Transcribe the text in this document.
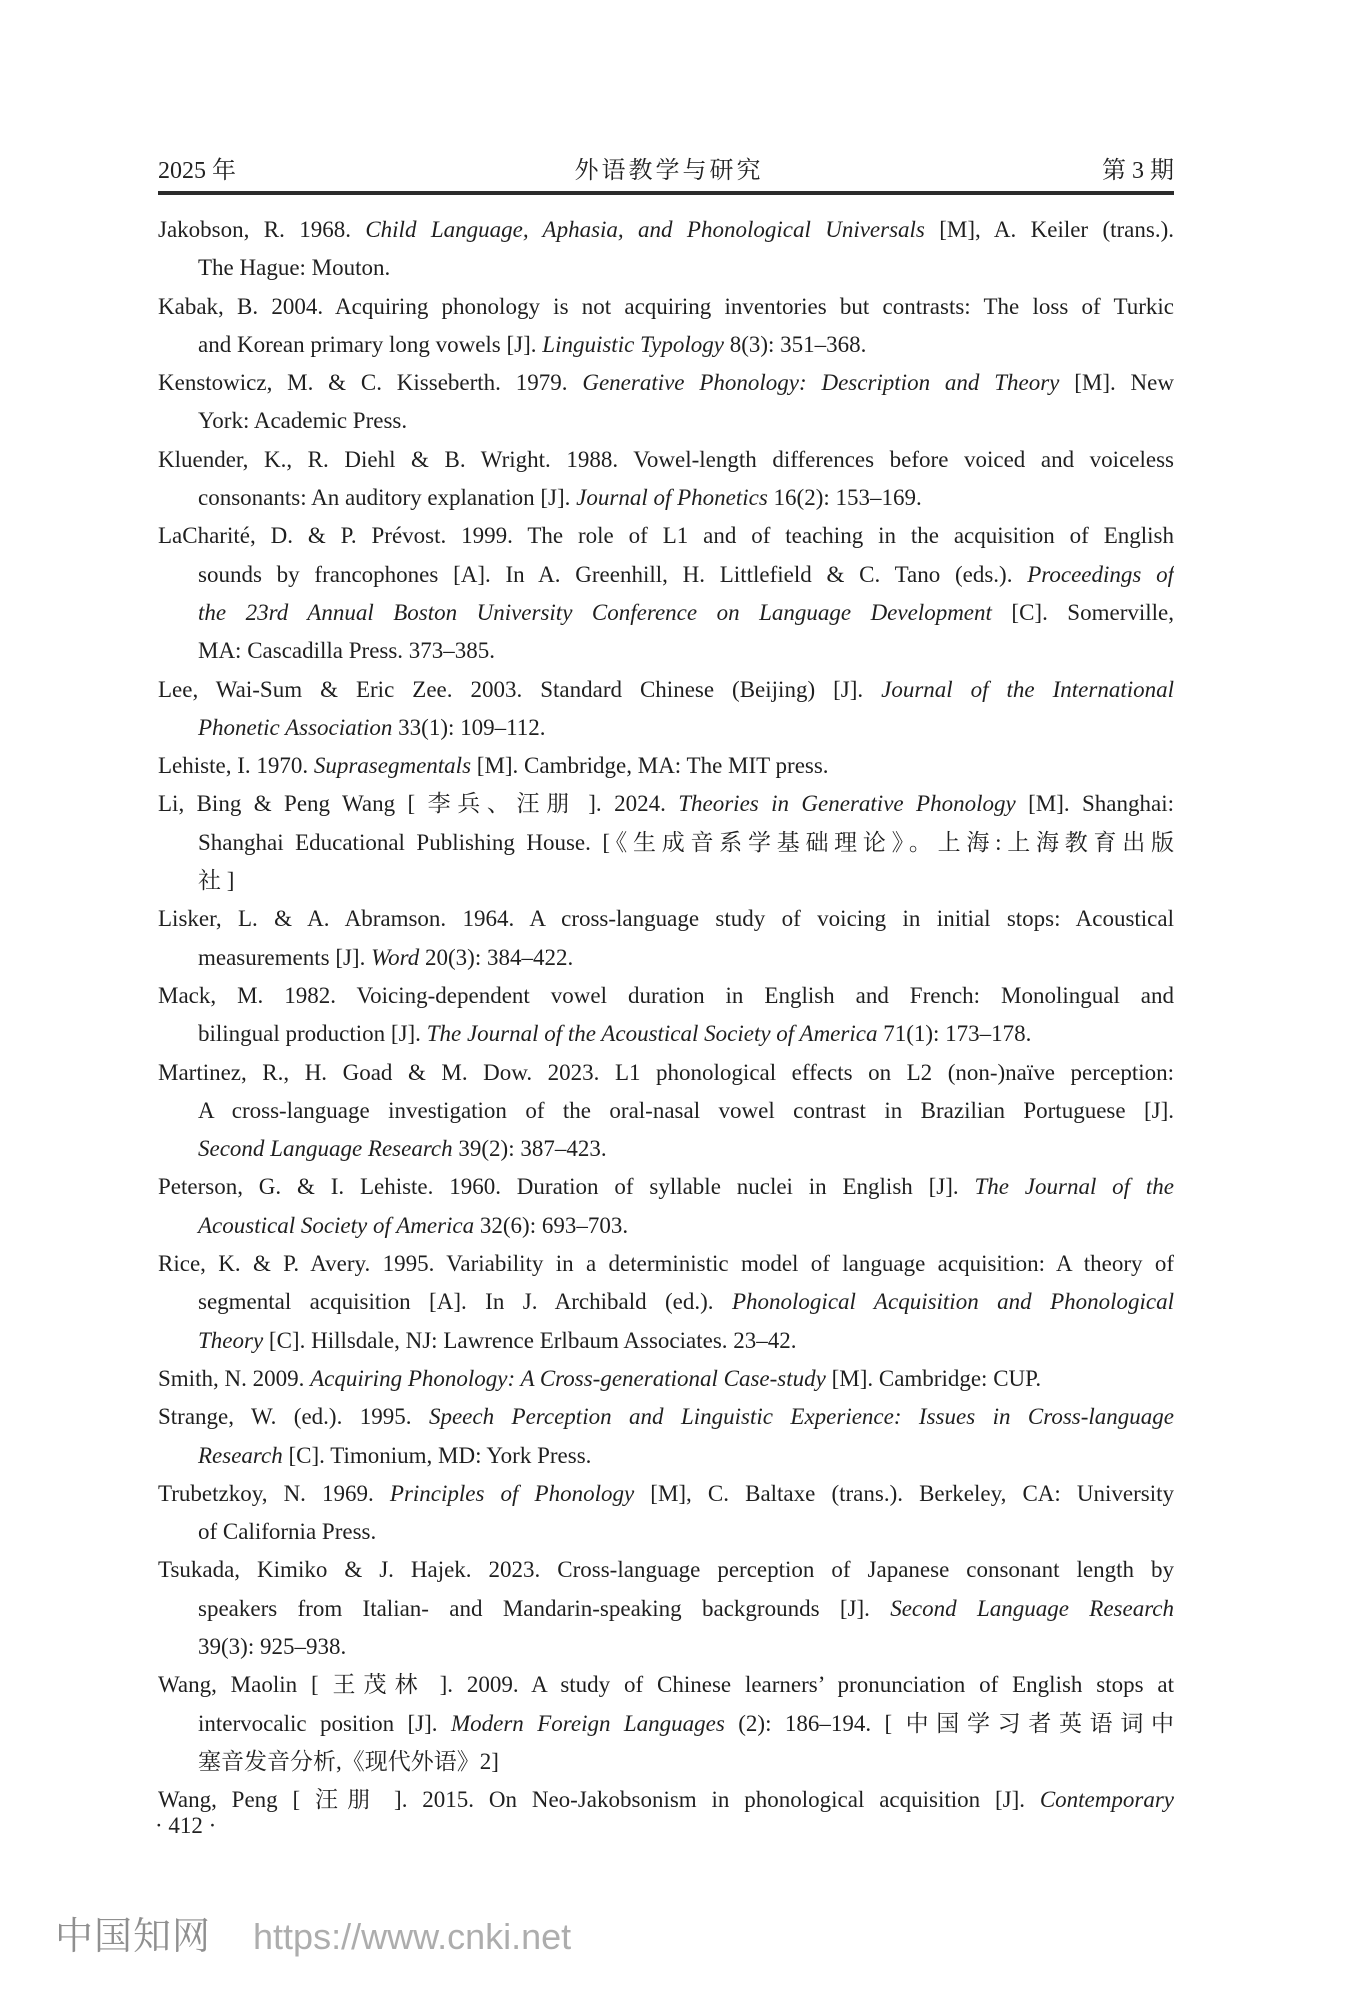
2025 年	外语教学与研究	第 3 期
Jakobson, R. 1968. Child Language, Aphasia, and Phonological Universals [M], A. Keiler (trans.).
The Hague: Mouton.
Kabak, B. 2004. Acquiring phonology is not acquiring inventories but contrasts: The loss of Turkic
and Korean primary long vowels [J]. Linguistic Typology 8(3): 351–368.
Kenstowicz, M. & C. Kisseberth. 1979. Generative Phonology: Description and Theory [M]. New
York: Academic Press.
Kluender, K., R. Diehl & B. Wright. 1988. Vowel-length differences before voiced and voiceless
consonants: An auditory explanation [J]. Journal of Phonetics 16(2): 153–169.
LaCharité, D. & P. Prévost. 1999. The role of L1 and of teaching in the acquisition of English
sounds by francophones [A]. In A. Greenhill, H. Littlefield & C. Tano (eds.). Proceedings of
the 23rd Annual Boston University Conference on Language Development [C]. Somerville,
MA: Cascadilla Press. 373–385.
Lee, Wai-Sum & Eric Zee. 2003. Standard Chinese (Beijing) [J]. Journal of the International
Phonetic Association 33(1): 109–112.
Lehiste, I. 1970. Suprasegmentals [M]. Cambridge, MA: The MIT press.
Li, Bing & Peng Wang [ 李兵、汪朋 ]. 2024. Theories in Generative Phonology [M]. Shanghai:
Shanghai Educational Publishing House. [《生成音系学基础理论》。上海:上海教育出版
社 ]
Lisker, L. & A. Abramson. 1964. A cross-language study of voicing in initial stops: Acoustical
measurements [J]. Word 20(3): 384–422.
Mack, M. 1982. Voicing-dependent vowel duration in English and French: Monolingual and
bilingual production [J]. The Journal of the Acoustical Society of America 71(1): 173–178.
Martinez, R., H. Goad & M. Dow. 2023. L1 phonological effects on L2 (non-)naïve perception:
A cross-language investigation of the oral-nasal vowel contrast in Brazilian Portuguese [J].
Second Language Research 39(2): 387–423.
Peterson, G. & I. Lehiste. 1960. Duration of syllable nuclei in English [J]. The Journal of the
Acoustical Society of America 32(6): 693–703.
Rice, K. & P. Avery. 1995. Variability in a deterministic model of language acquisition: A theory of
segmental acquisition [A]. In J. Archibald (ed.). Phonological Acquisition and Phonological
Theory [C]. Hillsdale, NJ: Lawrence Erlbaum Associates. 23–42.
Smith, N. 2009. Acquiring Phonology: A Cross-generational Case-study [M]. Cambridge: CUP.
Strange, W. (ed.). 1995. Speech Perception and Linguistic Experience: Issues in Cross-language
Research [C]. Timonium, MD: York Press.
Trubetzkoy, N. 1969. Principles of Phonology [M], C. Baltaxe (trans.). Berkeley, CA: University
of California Press.
Tsukada, Kimiko & J. Hajek. 2023. Cross-language perception of Japanese consonant length by
speakers from Italian- and Mandarin-speaking backgrounds [J]. Second Language Research
39(3): 925–938.
Wang, Maolin [ 王茂林 ]. 2009. A study of Chinese learners’ pronunciation of English stops at
intervocalic position [J]. Modern Foreign Languages (2): 186–194. [ 中国学习者英语词中
塞音发音分析,《现代外语》2]
Wang, Peng [ 汪朋 ]. 2015. On Neo-Jakobsonism in phonological acquisition [J]. Contemporary
· 412 ·
中国知网 https://www.cnki.net
